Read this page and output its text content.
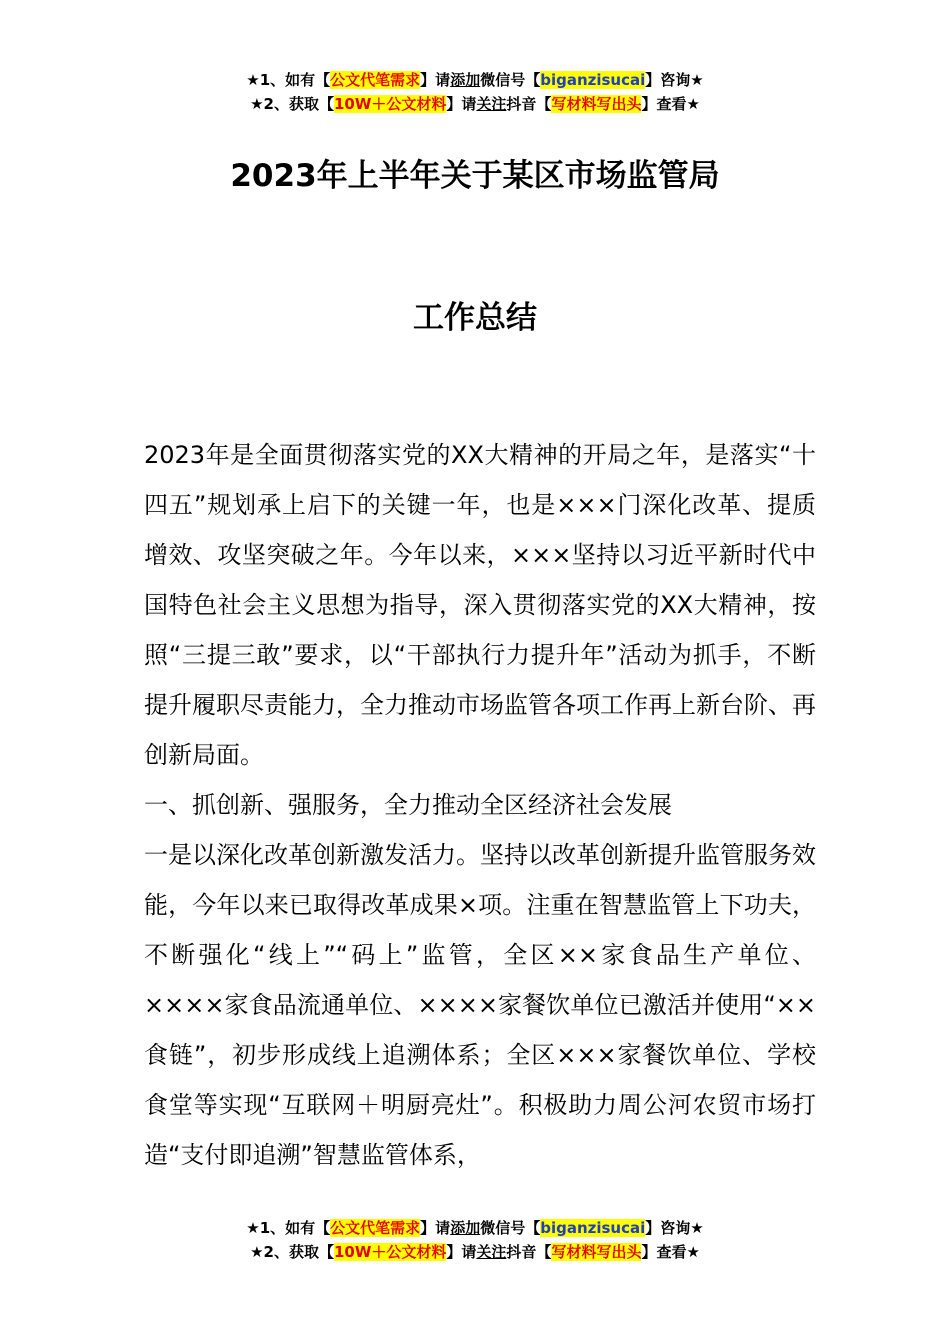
★1、如有【公文代笔需求】请添加微信号【biganzisucai】咨询★
★2、获取【10W＋公文材料】请关注抖音【写材料写出头】查看★
2023年上半年关于某区市场监管局
工作总结

2023年是全面贯彻落实党的XX大精神的开局之年，是落实“十四五”规划承上启下的关键一年，也是×××门深化改革、提质增效、攻坚突破之年。今年以来，×××坚持以习近平新时代中国特色社会主义思想为指导，深入贯彻落实党的XX大精神，按照“三提三敢”要求，以“干部执行力提升年”活动为抓手，不断提升履职尽责能力，全力推动市场监管各项工作再上新台阶、再创新局面。

一、抓创新、强服务，全力推动全区经济社会发展

一是以深化改革创新激发活力。坚持以改革创新提升监管服务效能，今年以来已取得改革成果×项。注重在智慧监管上下功夫，不断强化“线上”“码上”监管，全区××家食品生产单位、××××家食品流通单位、××××家餐饮单位已激活并使用“××食链”，初步形成线上追溯体系；全区×××家餐饮单位、学校食堂等实现“互联网＋明厨亮灶”。积极助力周公河农贸市场打造“支付即追溯”智慧监管体系，

★1、如有【公文代笔需求】请添加微信号【biganzisucai】咨询★
★2、获取【10W＋公文材料】请关注抖音【写材料写出头】查看★
